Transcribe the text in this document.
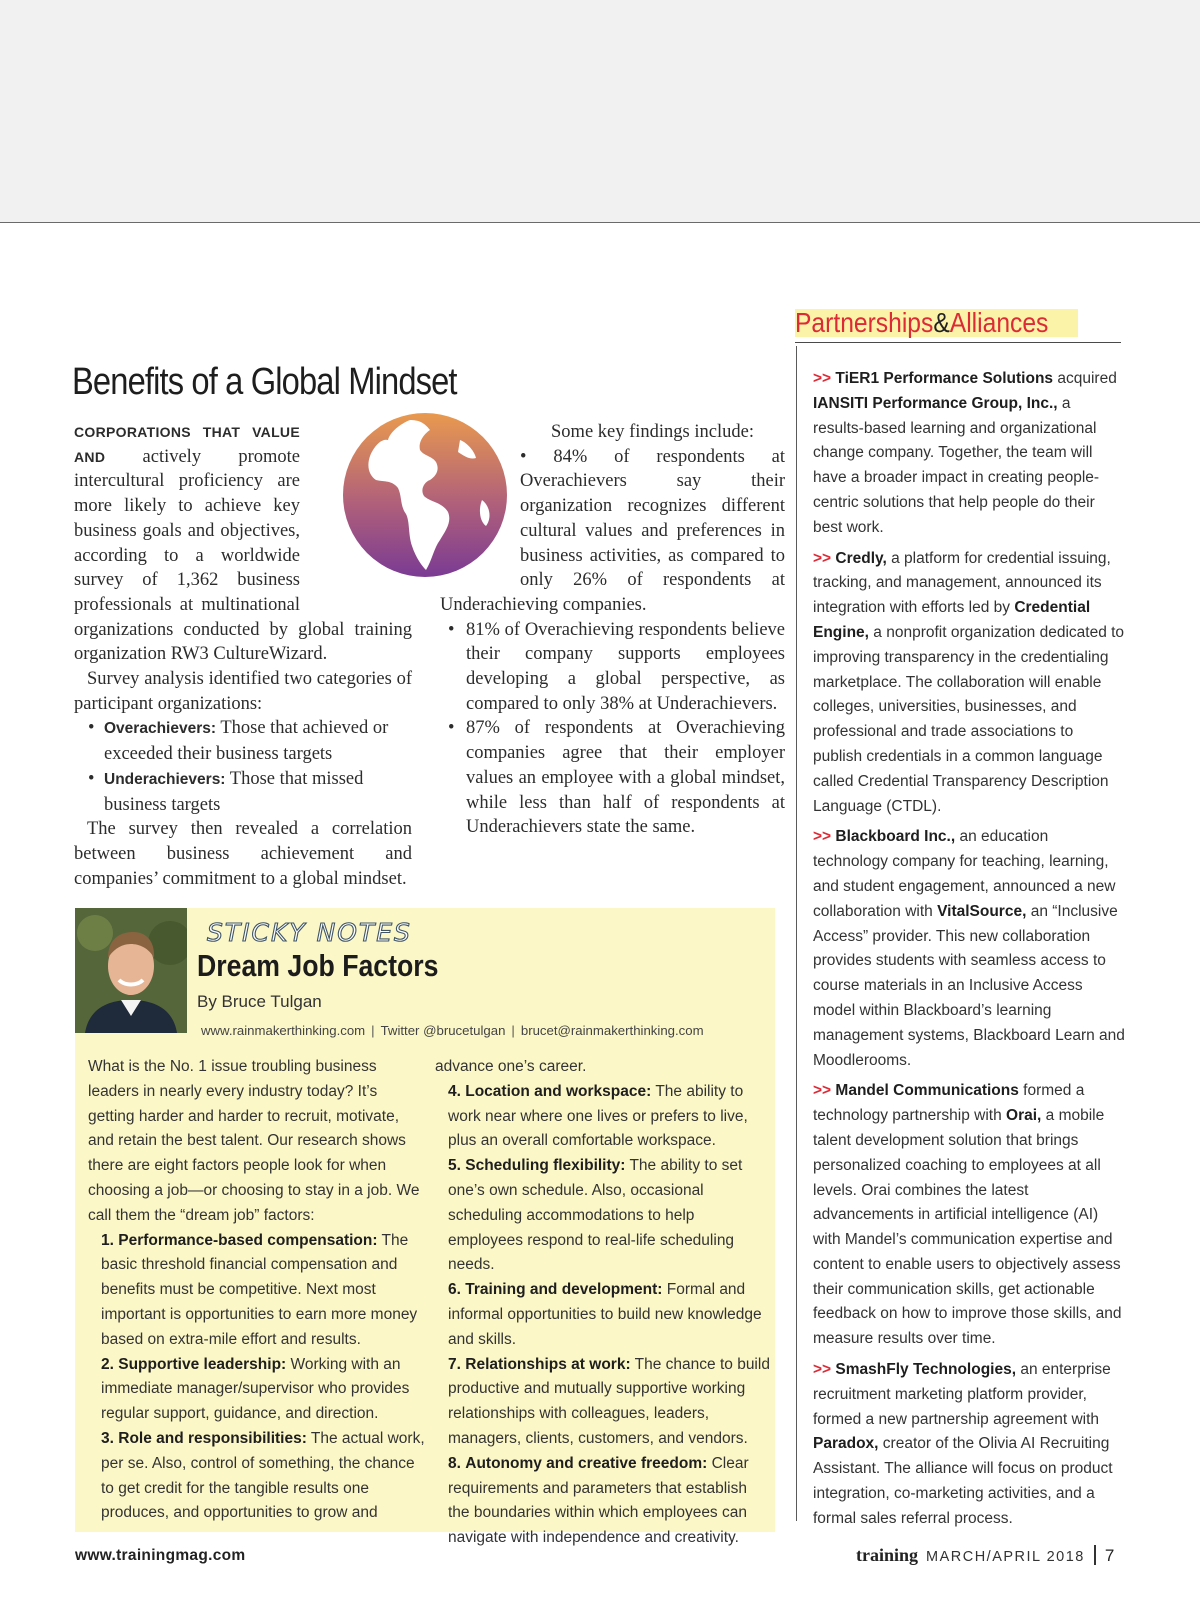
Benefits of a Global Mindset

CORPORATIONS THAT VALUE AND actively promote intercultural proficiency are more likely to achieve key business goals and objectives, according to a worldwide survey of 1,362 business professionals at multinational organizations conducted by global training organization RW3 CultureWizard.

Survey analysis identified two categories of participant organizations:

• Overachievers: Those that achieved or exceeded their business targets
• Underachievers: Those that missed business targets

The survey then revealed a correlation between business achievement and companies’ commitment to a global mindset.

Some key findings include:

• 84% of respondents at Overachievers say their organization recognizes different cultural values and preferences in business activities, as compared to only 26% of respondents at Underachieving companies.
• 81% of Overachieving respondents believe their company supports employees developing a global perspective, as compared to only 38% at Underachievers.
• 87% of respondents at Overachieving companies agree that their employer values an employee with a global mindset, while less than half of respondents at Underachievers state the same.
STICKY NOTES
Dream Job Factors
By Bruce Tulgan
www.rainmakerthinking.com | Twitter @brucetulgan | brucet@rainmakerthinking.com

What is the No. 1 issue troubling business leaders in nearly every industry today? It’s getting harder and harder to recruit, motivate, and retain the best talent. Our research shows there are eight factors people look for when choosing a job—or choosing to stay in a job. We call them the “dream job” factors:

1. Performance-based compensation: The basic threshold financial compensation and benefits must be competitive. Next most important is opportunities to earn more money based on extra-mile effort and results.

2. Supportive leadership: Working with an immediate manager/supervisor who provides regular support, guidance, and direction.

3. Role and responsibilities: The actual work, per se. Also, control of something, the chance to get credit for the tangible results one produces, and opportunities to grow and

advance one’s career.

4. Location and workspace: The ability to work near where one lives or prefers to live, plus an overall comfortable workspace.

5. Scheduling flexibility: The ability to set one’s own schedule. Also, occasional scheduling accommodations to help employees respond to real-life scheduling needs.

6. Training and development: Formal and informal opportunities to build new knowledge and skills.

7. Relationships at work: The chance to build productive and mutually supportive working relationships with colleagues, leaders, managers, clients, customers, and vendors.

8. Autonomy and creative freedom: Clear requirements and parameters that establish the boundaries within which employees can navigate with independence and creativity.

Partnerships&Alliances

>> TiER1 Performance Solutions acquired IANSITI Performance Group, Inc., a results-based learning and organizational change company. Together, the team will have a broader impact in creating people-centric solutions that help people do their best work.

>> Credly, a platform for credential issuing, tracking, and management, announced its integration with efforts led by Credential Engine, a nonprofit organization dedicated to improving transparency in the credentialing marketplace. The collaboration will enable colleges, universities, businesses, and professional and trade associations to publish credentials in a common language called Credential Transparency Description Language (CTDL).

>> Blackboard Inc., an education technology company for teaching, learning, and student engagement, announced a new collaboration with VitalSource, an “Inclusive Access” provider. This new collaboration provides students with seamless access to course materials in an Inclusive Access model within Blackboard’s learning management systems, Blackboard Learn and Moodlerooms.

>> Mandel Communications formed a technology partnership with Orai, a mobile talent development solution that brings personalized coaching to employees at all levels. Orai combines the latest advancements in artificial intelligence (AI) with Mandel’s communication expertise and content to enable users to objectively assess their communication skills, get actionable feedback on how to improve those skills, and measure results over time.

>> SmashFly Technologies, an enterprise recruitment marketing platform provider, formed a new partnership agreement with Paradox, creator of the Olivia AI Recruiting Assistant. The alliance will focus on product integration, co-marketing activities, and a formal sales referral process.

www.trainingmag.com	training MARCH/APRIL 2018 7
